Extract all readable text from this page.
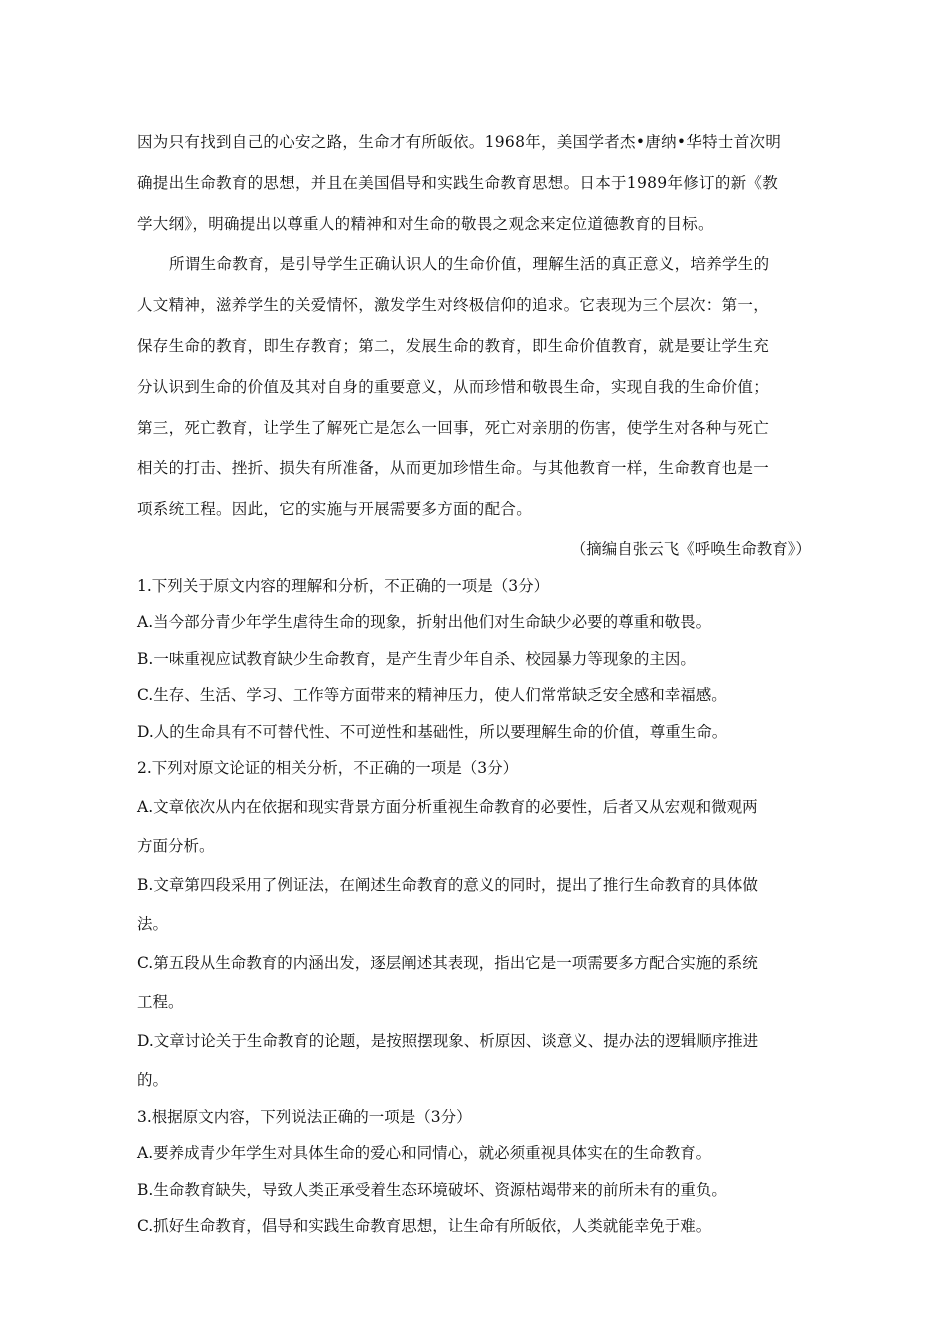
因为只有找到自己的心安之路，生命才有所皈依。1968年，美国学者杰•唐纳•华特士首次明
确提出生命教育的思想，并且在美国倡导和实践生命教育思想。日本于1989年修订的新《教
学大纲》，明确提出以尊重人的精神和对生命的敬畏之观念来定位道德教育的目标。
所谓生命教育，是引导学生正确认识人的生命价值，理解生活的真正意义，培养学生的
人文精神，滋养学生的关爱情怀，激发学生对终极信仰的追求。它表现为三个层次：第一，
保存生命的教育，即生存教育；第二，发展生命的教育，即生命价值教育，就是要让学生充
分认识到生命的价值及其对自身的重要意义，从而珍惜和敬畏生命，实现自我的生命价值；
第三，死亡教育，让学生了解死亡是怎么一回事，死亡对亲朋的伤害，使学生对各种与死亡
相关的打击、挫折、损失有所准备，从而更加珍惜生命。与其他教育一样，生命教育也是一
项系统工程。因此，它的实施与开展需要多方面的配合。
（摘编自张云飞《呼唤生命教育》）
1.下列关于原文内容的理解和分析，不正确的一项是（3分）
A.当今部分青少年学生虐待生命的现象，折射出他们对生命缺少必要的尊重和敬畏。
B.一味重视应试教育缺少生命教育，是产生青少年自杀、校园暴力等现象的主因。
C.生存、生活、学习、工作等方面带来的精神压力，使人们常常缺乏安全感和幸福感。
D.人的生命具有不可替代性、不可逆性和基础性，所以要理解生命的价值，尊重生命。
2.下列对原文论证的相关分析，不正确的一项是（3分）
A.文章依次从内在依据和现实背景方面分析重视生命教育的必要性，后者又从宏观和微观两
方面分析。
B.文章第四段采用了例证法，在阐述生命教育的意义的同时，提出了推行生命教育的具体做
法。
C.第五段从生命教育的内涵出发，逐层阐述其表现，指出它是一项需要多方配合实施的系统
工程。
D.文章讨论关于生命教育的论题，是按照摆现象、析原因、谈意义、提办法的逻辑顺序推进
的。
3.根据原文内容，下列说法正确的一项是（3分）
A.要养成青少年学生对具体生命的爱心和同情心，就必须重视具体实在的生命教育。
B.生命教育缺失，导致人类正承受着生态环境破坏、资源枯竭带来的前所未有的重负。
C.抓好生命教育，倡导和实践生命教育思想，让生命有所皈依，人类就能幸免于难。
